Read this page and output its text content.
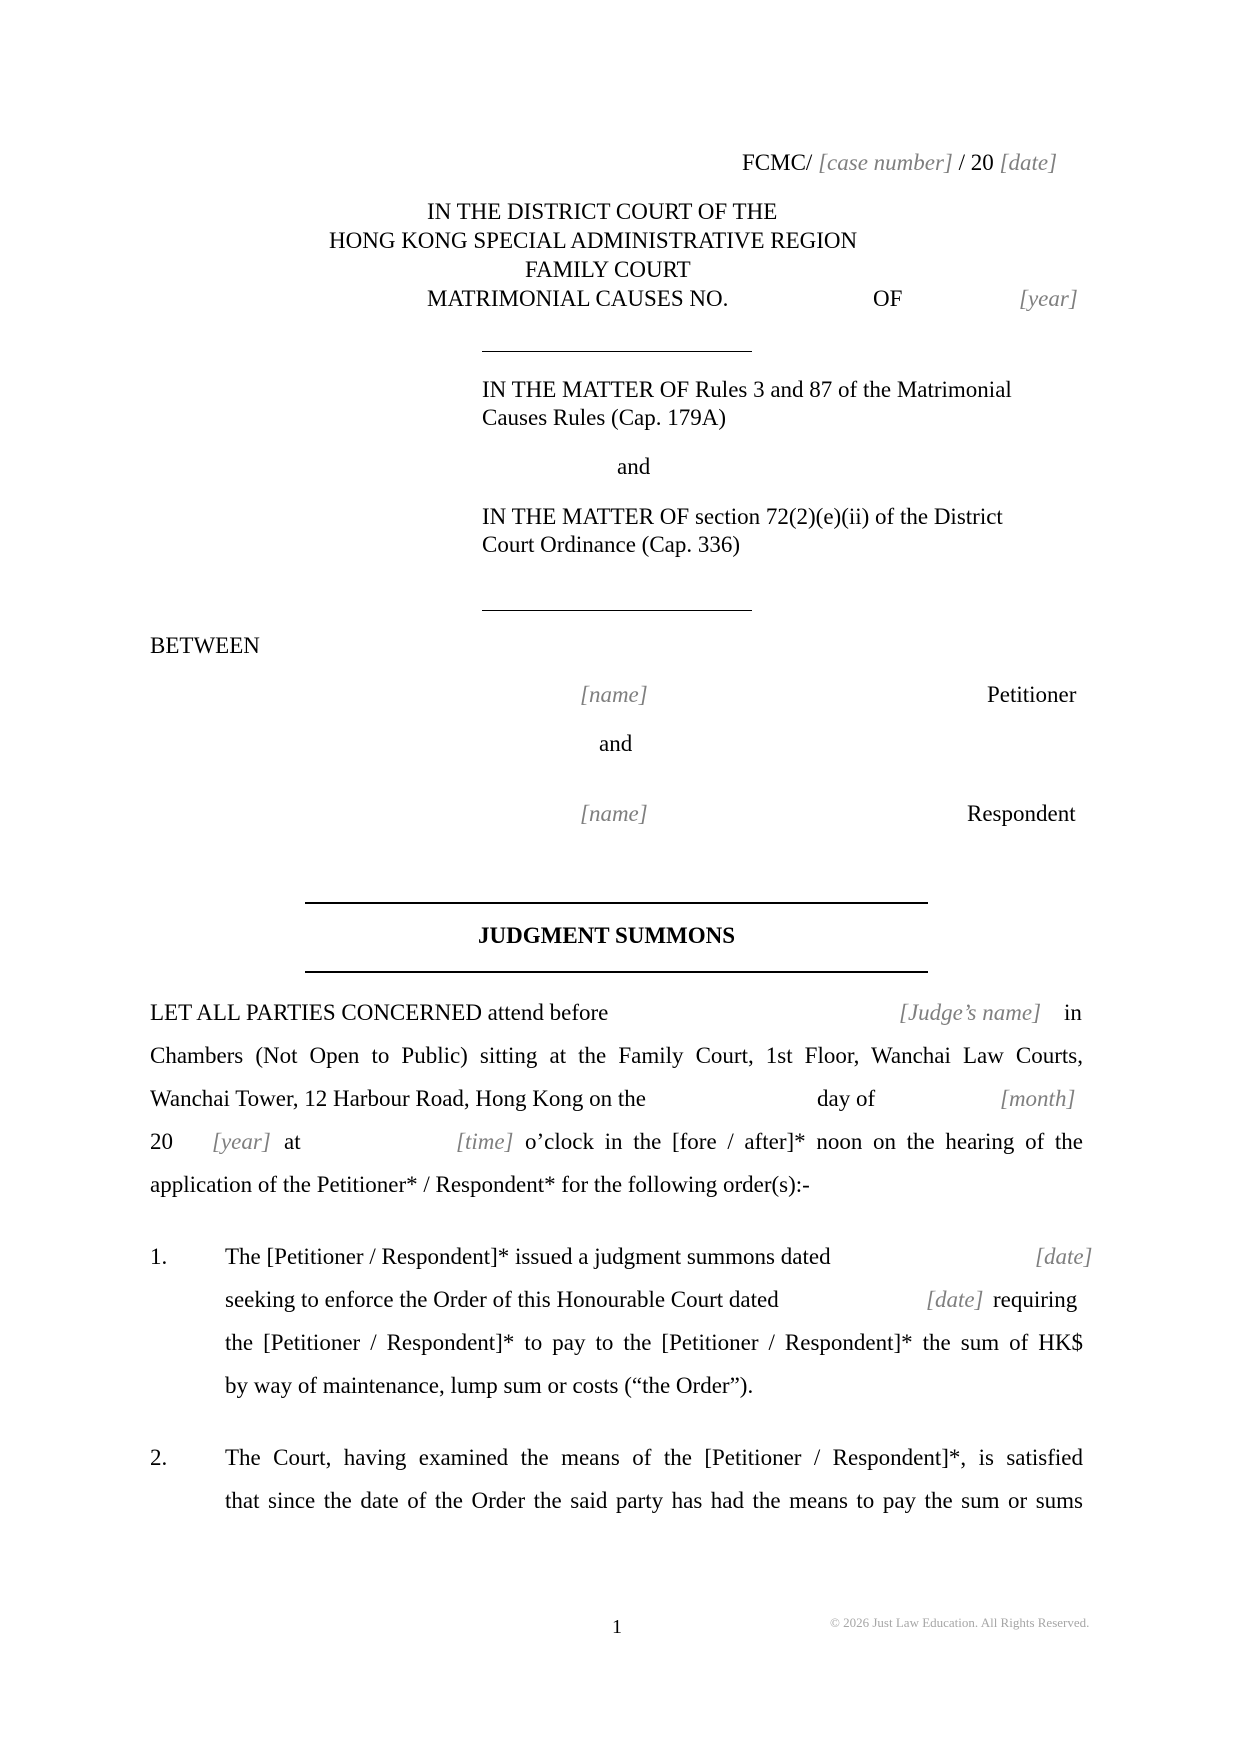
FCMC/ [case number] / 20 [date]
IN THE DISTRICT COURT OF THE
HONG KONG SPECIAL ADMINISTRATIVE REGION
FAMILY COURT
MATRIMONIAL CAUSES NO.	OF	[year]
IN THE MATTER OF Rules 3 and 87 of the Matrimonial
Causes Rules (Cap. 179A)
and
IN THE MATTER OF section 72(2)(e)(ii) of the District
Court Ordinance (Cap. 336)
BETWEEN
[name]	Petitioner
and
[name]	Respondent
JUDGMENT SUMMONS
LET ALL PARTIES CONCERNED attend before	[Judge’s name] in
Chambers (Not Open to Public) sitting at the Family Court, 1st Floor, Wanchai Law Courts,
Wanchai Tower, 12 Harbour Road, Hong Kong on the	day of	[month]
20 [year] at	[time] o’clock in the [fore / after]* noon on the hearing of the
application of the Petitioner* / Respondent* for the following order(s):-
1.	The [Petitioner / Respondent]* issued a judgment summons dated	[date]
seeking to enforce the Order of this Honourable Court dated	[date] requiring
the [Petitioner / Respondent]* to pay to the [Petitioner / Respondent]* the sum of HK$
by way of maintenance, lump sum or costs (“the Order”).
2.	The Court, having examined the means of the [Petitioner / Respondent]*, is satisfied
that since the date of the Order the said party has had the means to pay the sum or sums
1	© 2026 Just Law Education. All Rights Reserved.
